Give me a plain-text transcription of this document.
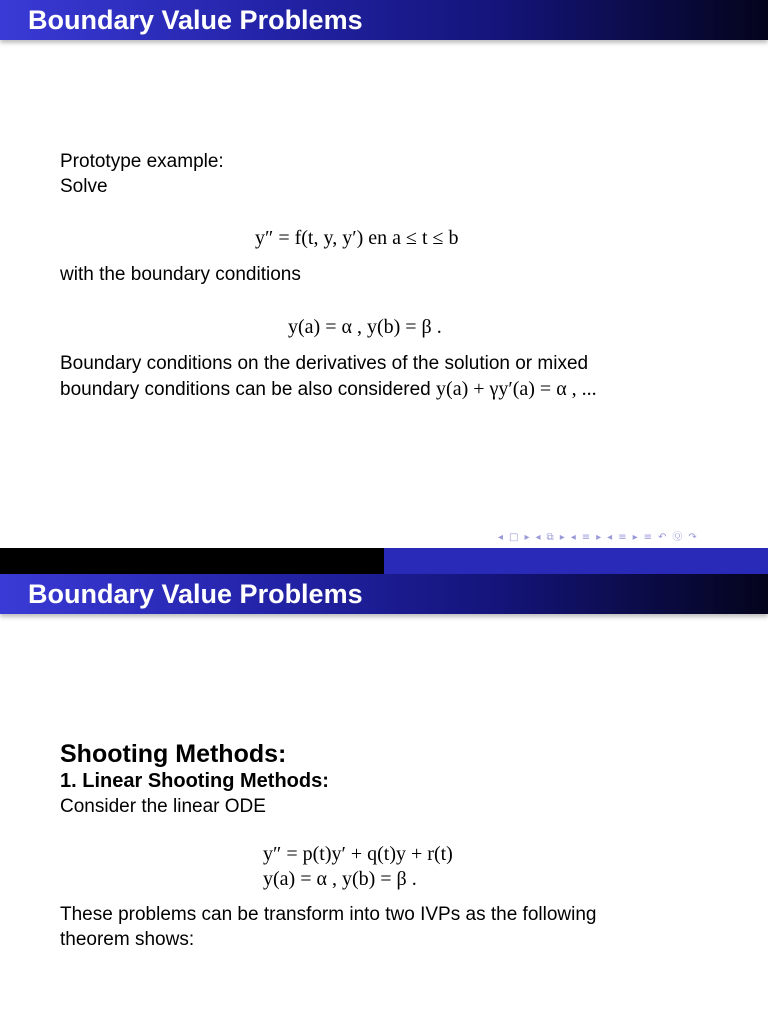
Boundary Value Problems
Prototype example:
Solve
y″ = f(t, y, y′) en a ≤ t ≤ b
with the boundary conditions
y(a) = α , y(b) = β .
Boundary conditions on the derivatives of the solution or mixed
boundary conditions can be also considered y(a) + γy′(a) = α , ...
◂ □ ▸ ◂ ⧉ ▸ ◂ ≡ ▸ ◂ ≡ ▸ ≡ ↶ Ⓠ ↷
Boundary Value Problems
Shooting Methods:
1. Linear Shooting Methods:
Consider the linear ODE
y″ = p(t)y′ + q(t)y + r(t)
y(a) = α , y(b) = β .
These problems can be transform into two IVPs as the following
theorem shows:
